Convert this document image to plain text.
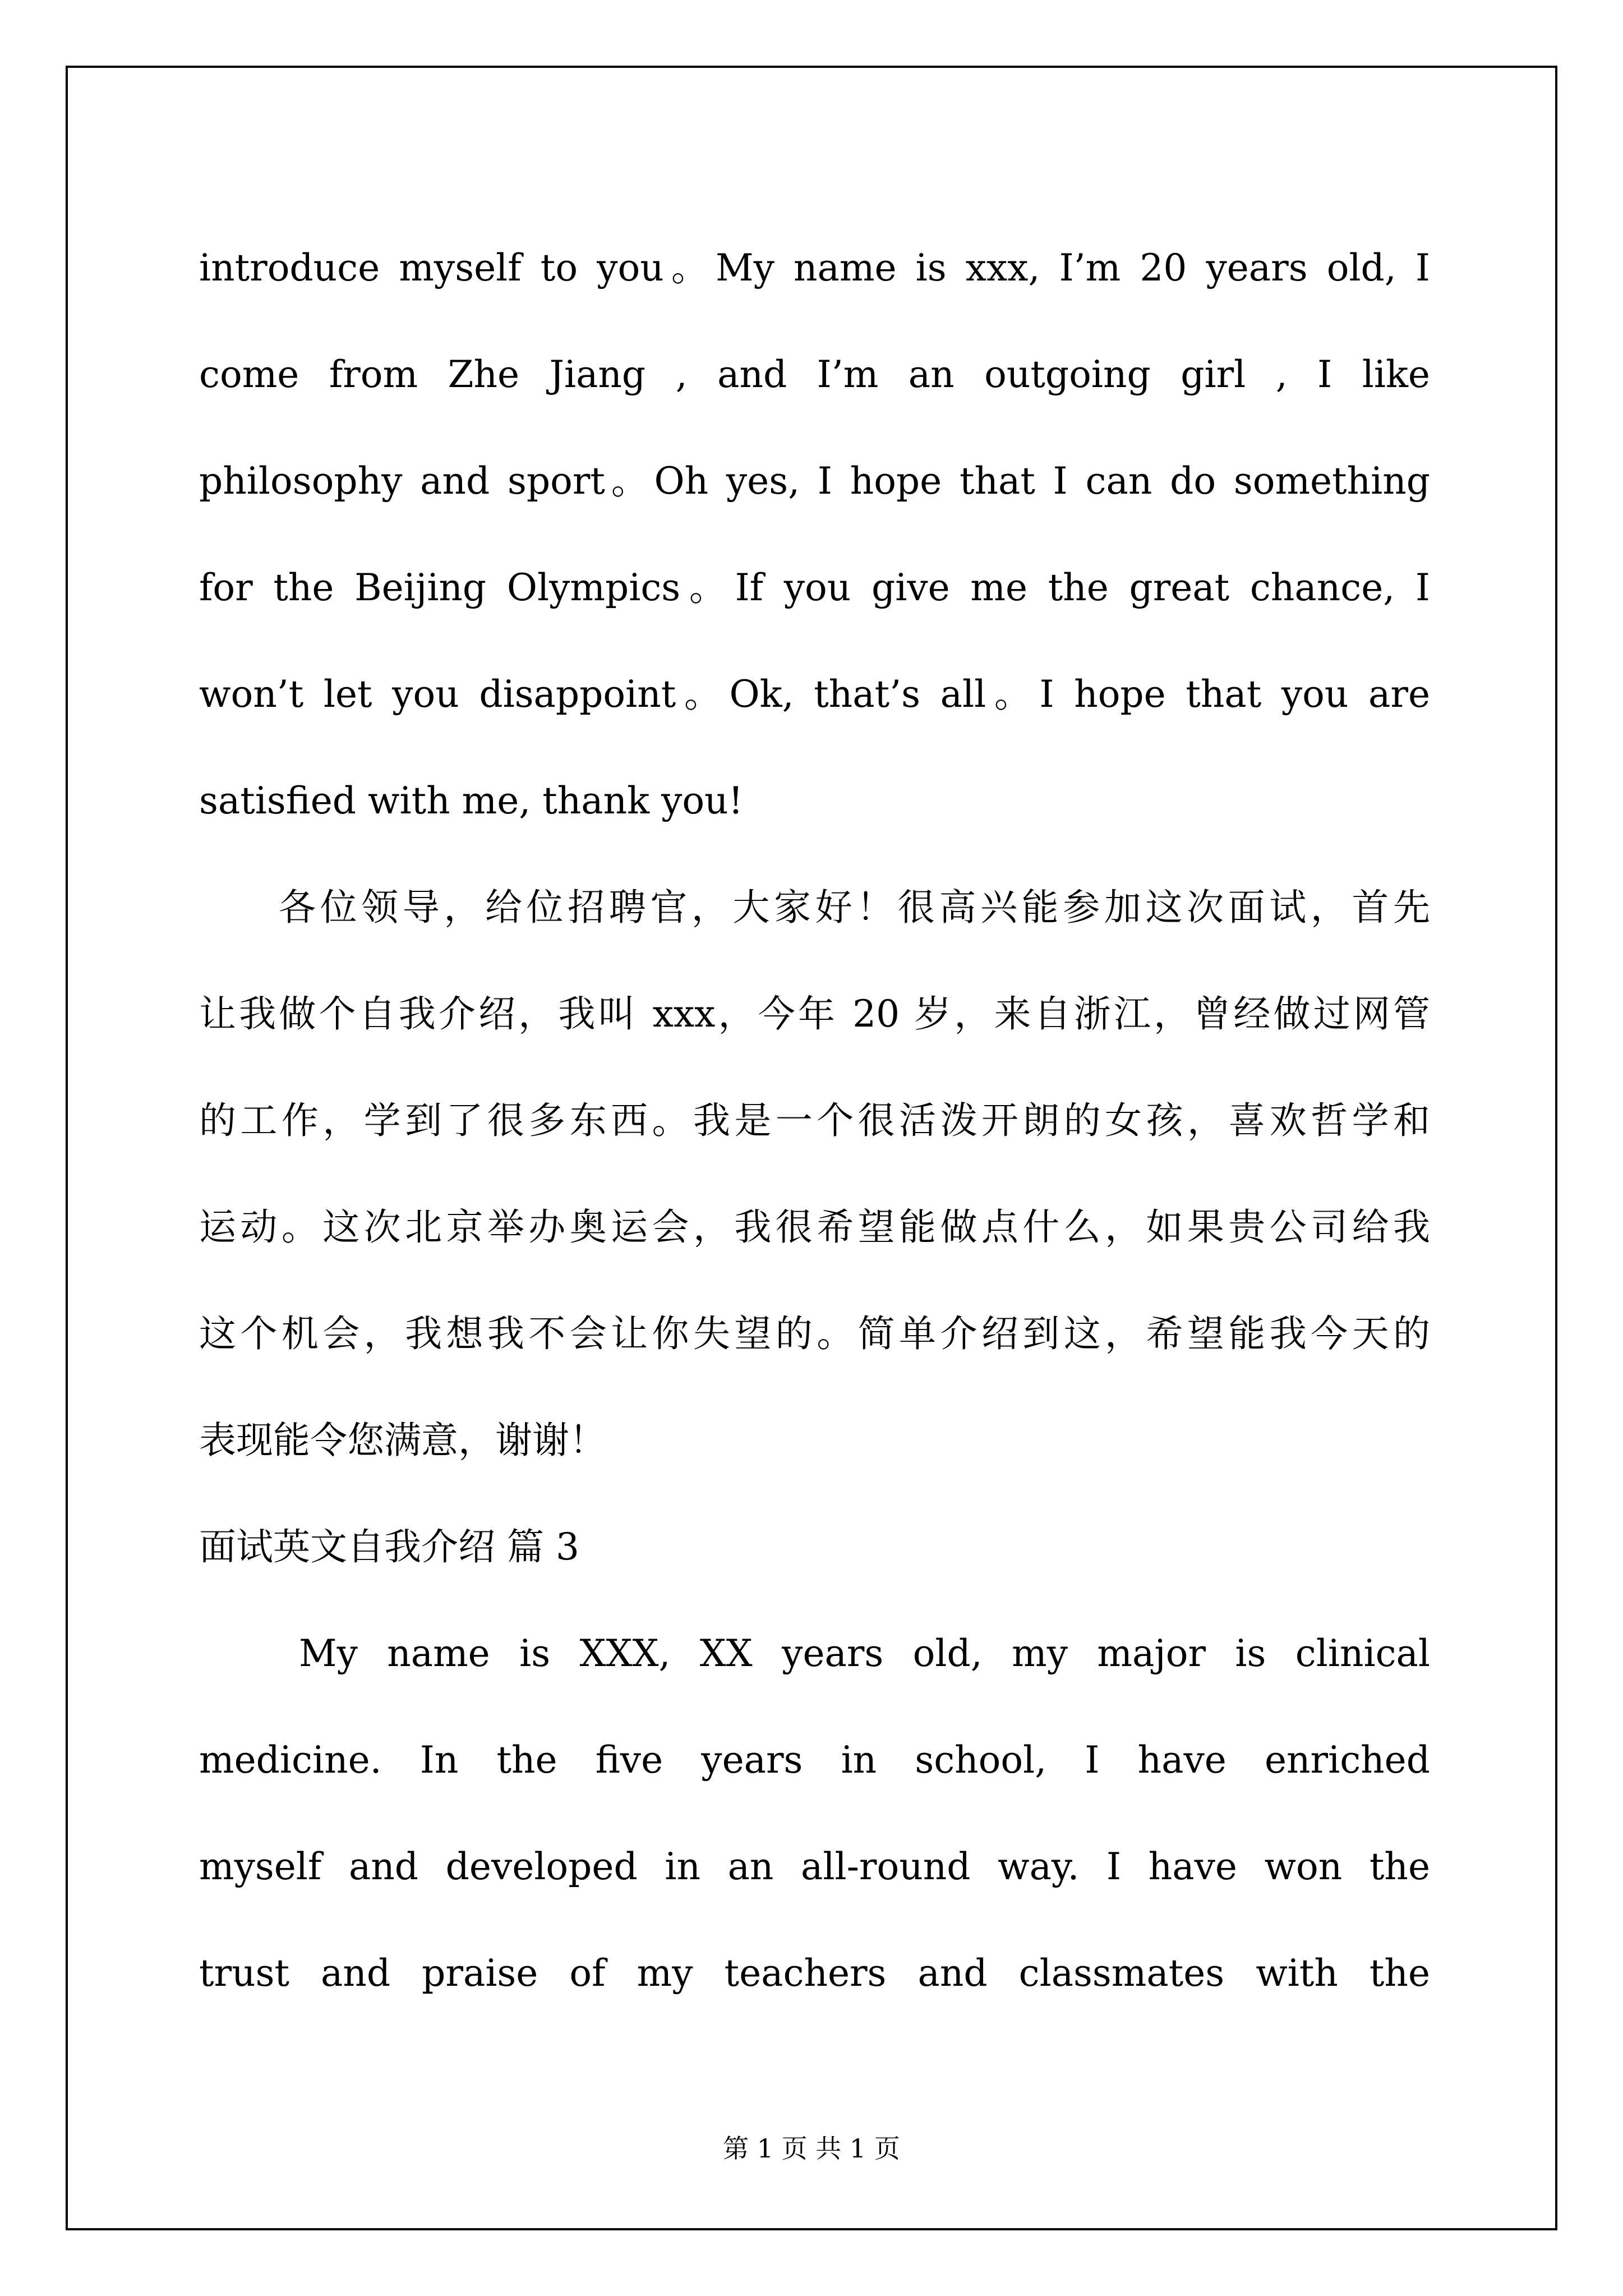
introduce myself to you。My name is xxx, I’m 20 years old, I
come from Zhe Jiang , and I’m an outgoing girl , I like
philosophy and sport。Oh yes, I hope that I can do something
for the Beijing Olympics。If you give me the great chance, I
won’t let you disappoint。Ok, that’s all。I hope that you are
satisfied with me, thank you!
各位领导，给位招聘官，大家好！很高兴能参加这次面试，首先
让我做个自我介绍，我叫 xxx，今年 20 岁，来自浙江，曾经做过网管
的工作，学到了很多东西。我是一个很活泼开朗的女孩，喜欢哲学和
运动。这次北京举办奥运会，我很希望能做点什么，如果贵公司给我
这个机会，我想我不会让你失望的。简单介绍到这，希望能我今天的
表现能令您满意，谢谢！
面试英文自我介绍 篇 3
My name is XXX, XX years old, my major is clinical
medicine. In the five years in school, I have enriched
myself and developed in an all-round way. I have won the
trust and praise of my teachers and classmates with the
第 1 页 共 1 页
